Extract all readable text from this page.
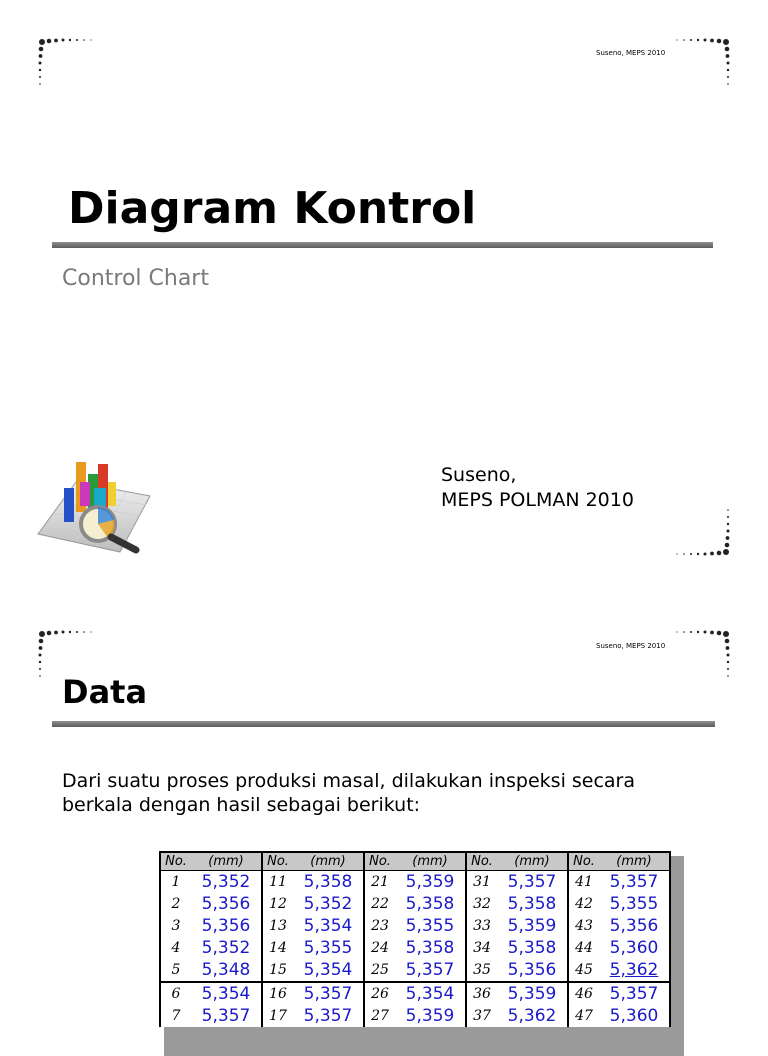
Suseno, MEPS 2010
Diagram Kontrol
Control Chart
Suseno,
MEPS POLMAN 2010
Suseno, MEPS 2010
Data
Dari suatu proses produksi masal, dilakukan inspeksi secara
berkala dengan hasil sebagai berikut:
No.	(mm)	No.	(mm)	No.	(mm)	No.	(mm)	No.	(mm)
1	5,352	11	5,358	21	5,359	31	5,357	41	5,357
2	5,356	12	5,352	22	5,358	32	5,358	42	5,355
3	5,356	13	5,354	23	5,355	33	5,359	43	5,356
4	5,352	14	5,355	24	5,358	34	5,358	44	5,360
5	5,348	15	5,354	25	5,357	35	5,356	45	5,362
6	5,354	16	5,357	26	5,354	36	5,359	46	5,357
7	5,357	17	5,357	27	5,359	37	5,362	47	5,360
